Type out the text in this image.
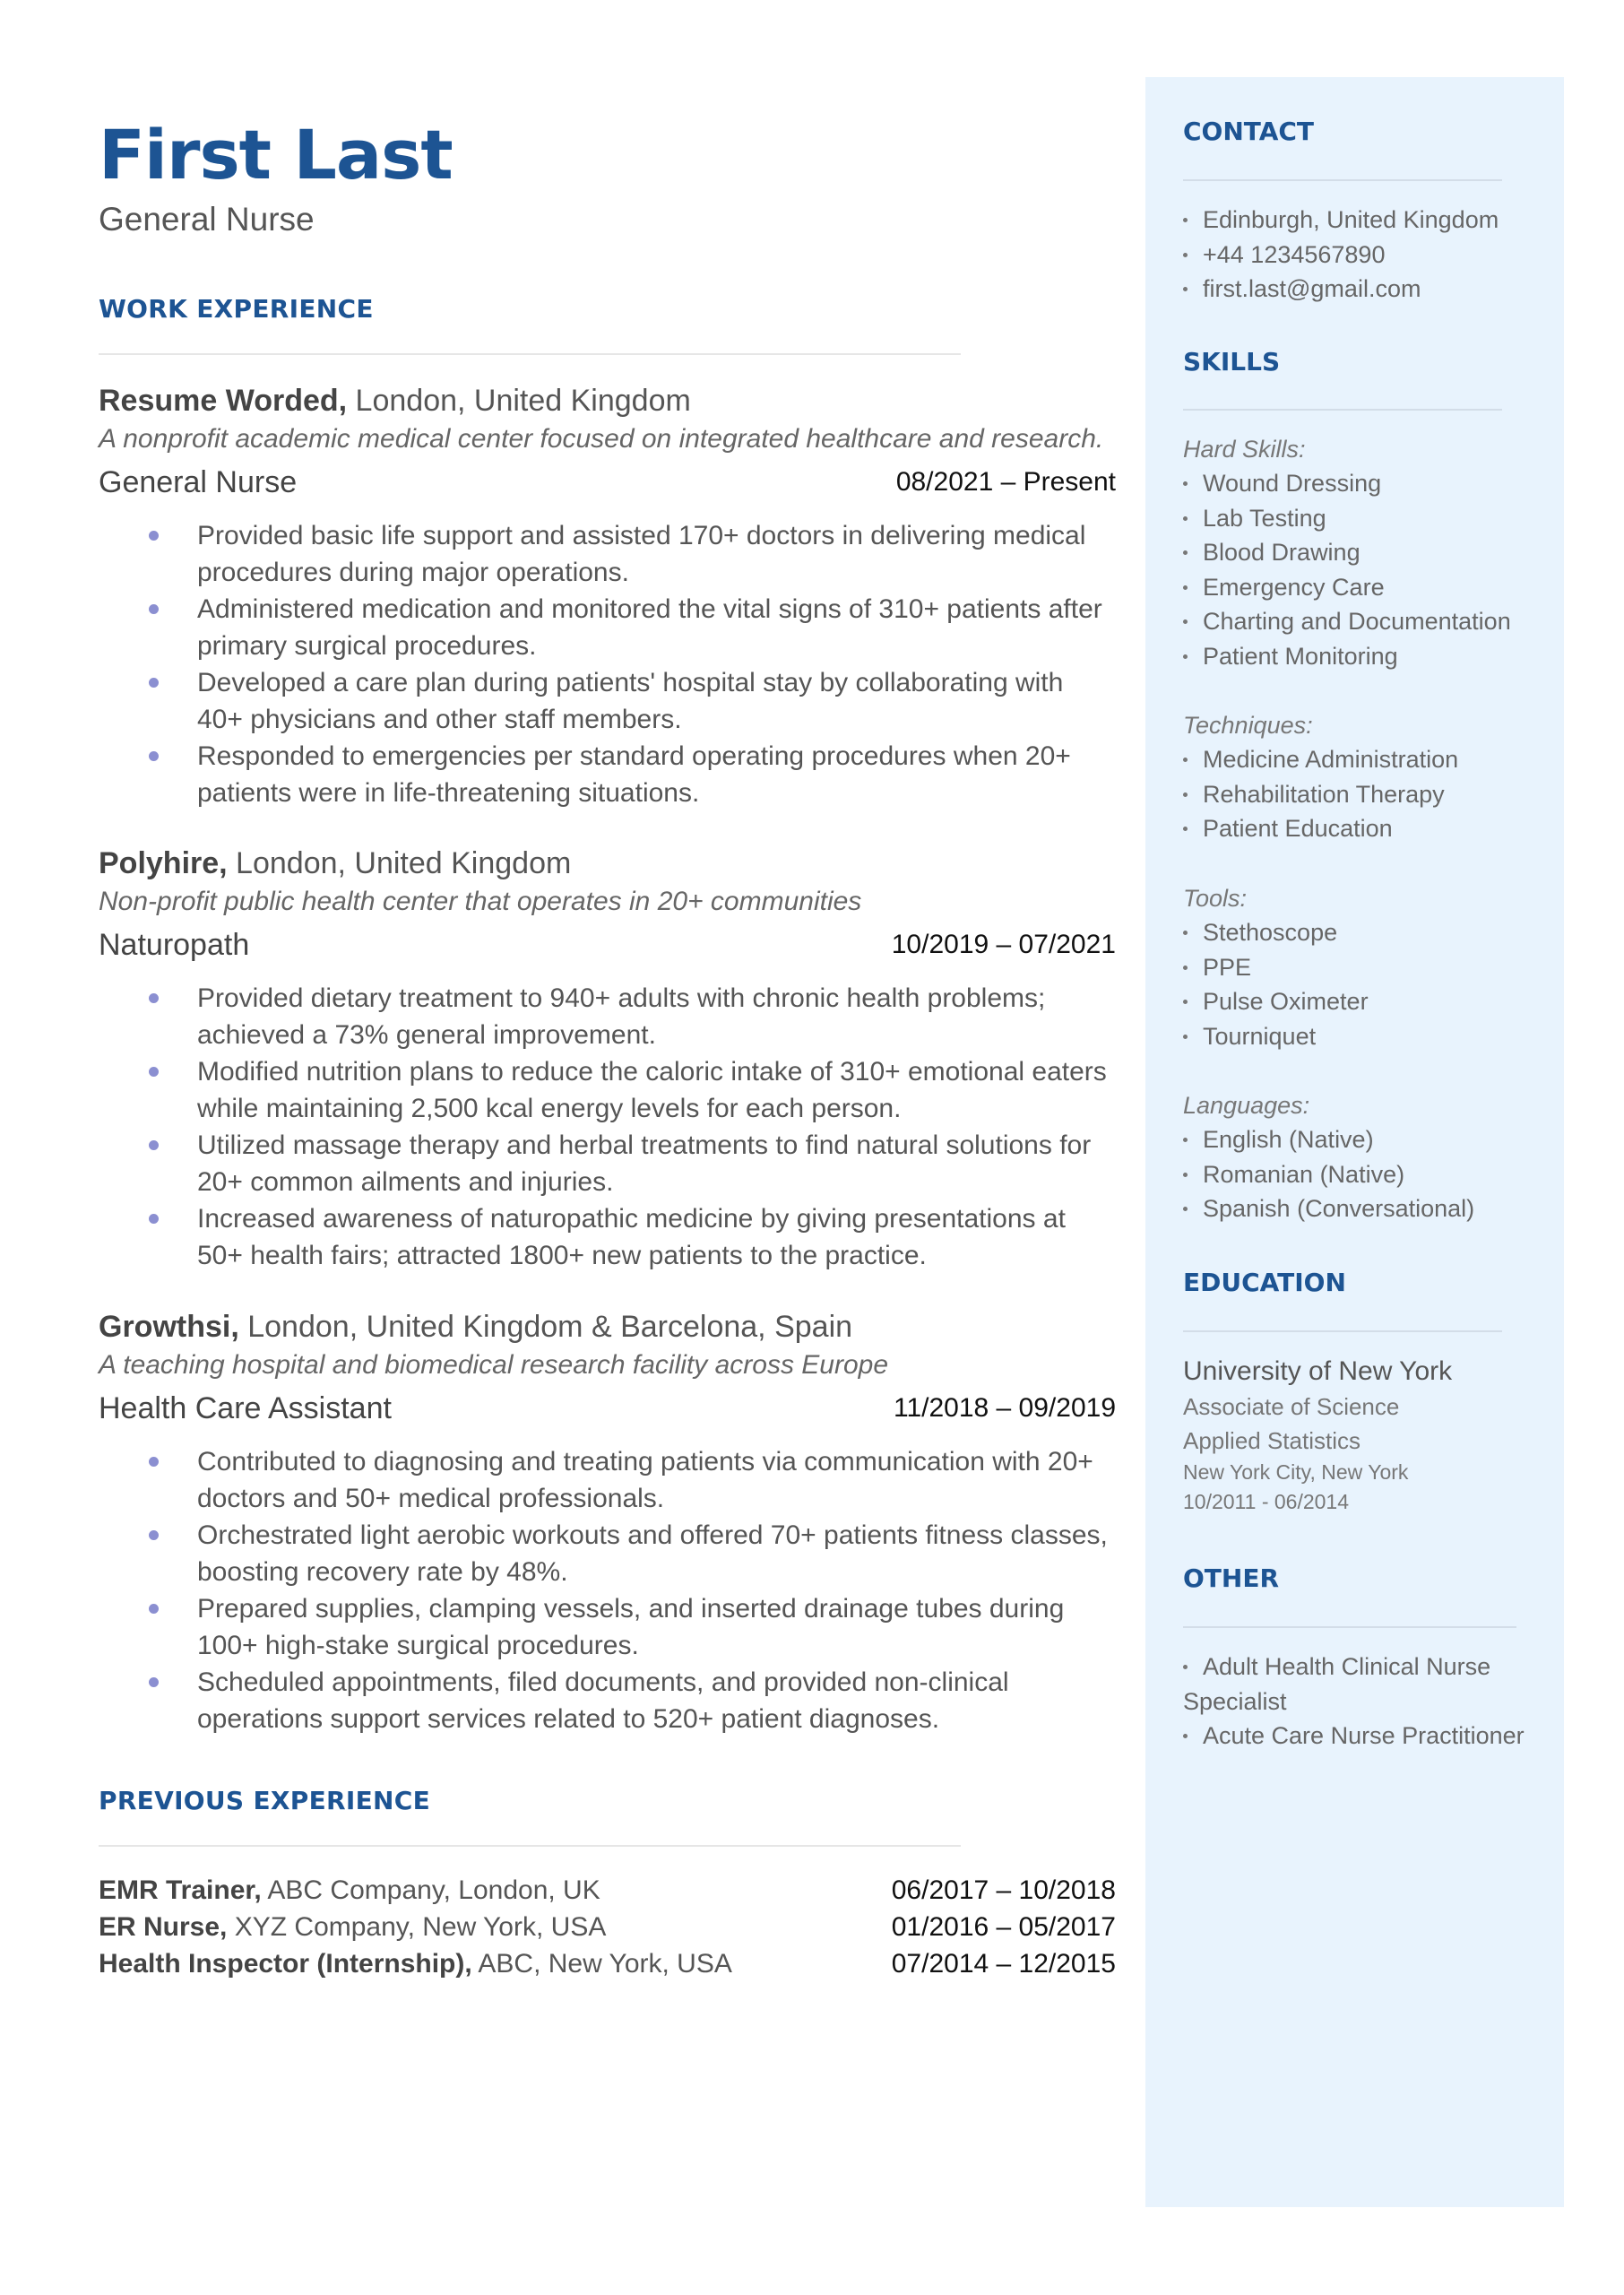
First Last
General Nurse
WORK EXPERIENCE
Resume Worded, London, United Kingdom
A nonprofit academic medical center focused on integrated healthcare and research.
General Nurse	08/2021 – Present
Provided basic life support and assisted 170+ doctors in delivering medical procedures during major operations.
Administered medication and monitored the vital signs of 310+ patients after primary surgical procedures.
Developed a care plan during patients' hospital stay by collaborating with 40+ physicians and other staff members.
Responded to emergencies per standard operating procedures when 20+ patients were in life-threatening situations.
Polyhire, London, United Kingdom
Non-profit public health center that operates in 20+ communities
Naturopath	10/2019 – 07/2021
Provided dietary treatment to 940+ adults with chronic health problems; achieved a 73% general improvement.
Modified nutrition plans to reduce the caloric intake of 310+ emotional eaters while maintaining 2,500 kcal energy levels for each person.
Utilized massage therapy and herbal treatments to find natural solutions for 20+ common ailments and injuries.
Increased awareness of naturopathic medicine by giving presentations at 50+ health fairs; attracted 1800+ new patients to the practice.
Growthsi, London, United Kingdom & Barcelona, Spain
A teaching hospital and biomedical research facility across Europe
Health Care Assistant	11/2018 – 09/2019
Contributed to diagnosing and treating patients via communication with 20+ doctors and 50+ medical professionals.
Orchestrated light aerobic workouts and offered 70+ patients fitness classes, boosting recovery rate by 48%.
Prepared supplies, clamping vessels, and inserted drainage tubes during 100+ high-stake surgical procedures.
Scheduled appointments, filed documents, and provided non-clinical operations support services related to 520+ patient diagnoses.
PREVIOUS EXPERIENCE
EMR Trainer, ABC Company, London, UK	06/2017 – 10/2018
ER Nurse, XYZ Company, New York, USA	01/2016 – 05/2017
Health Inspector (Internship), ABC, New York, USA	07/2014 – 12/2015
CONTACT
Edinburgh, United Kingdom
+44 1234567890
first.last@gmail.com
SKILLS
Hard Skills:
Wound Dressing
Lab Testing
Blood Drawing
Emergency Care
Charting and Documentation
Patient Monitoring
Techniques:
Medicine Administration
Rehabilitation Therapy
Patient Education
Tools:
Stethoscope
PPE
Pulse Oximeter
Tourniquet
Languages:
English (Native)
Romanian (Native)
Spanish (Conversational)
EDUCATION
University of New York
Associate of Science
Applied Statistics
New York City, New York
10/2011 - 06/2014
OTHER
Adult Health Clinical Nurse Specialist
Acute Care Nurse Practitioner
